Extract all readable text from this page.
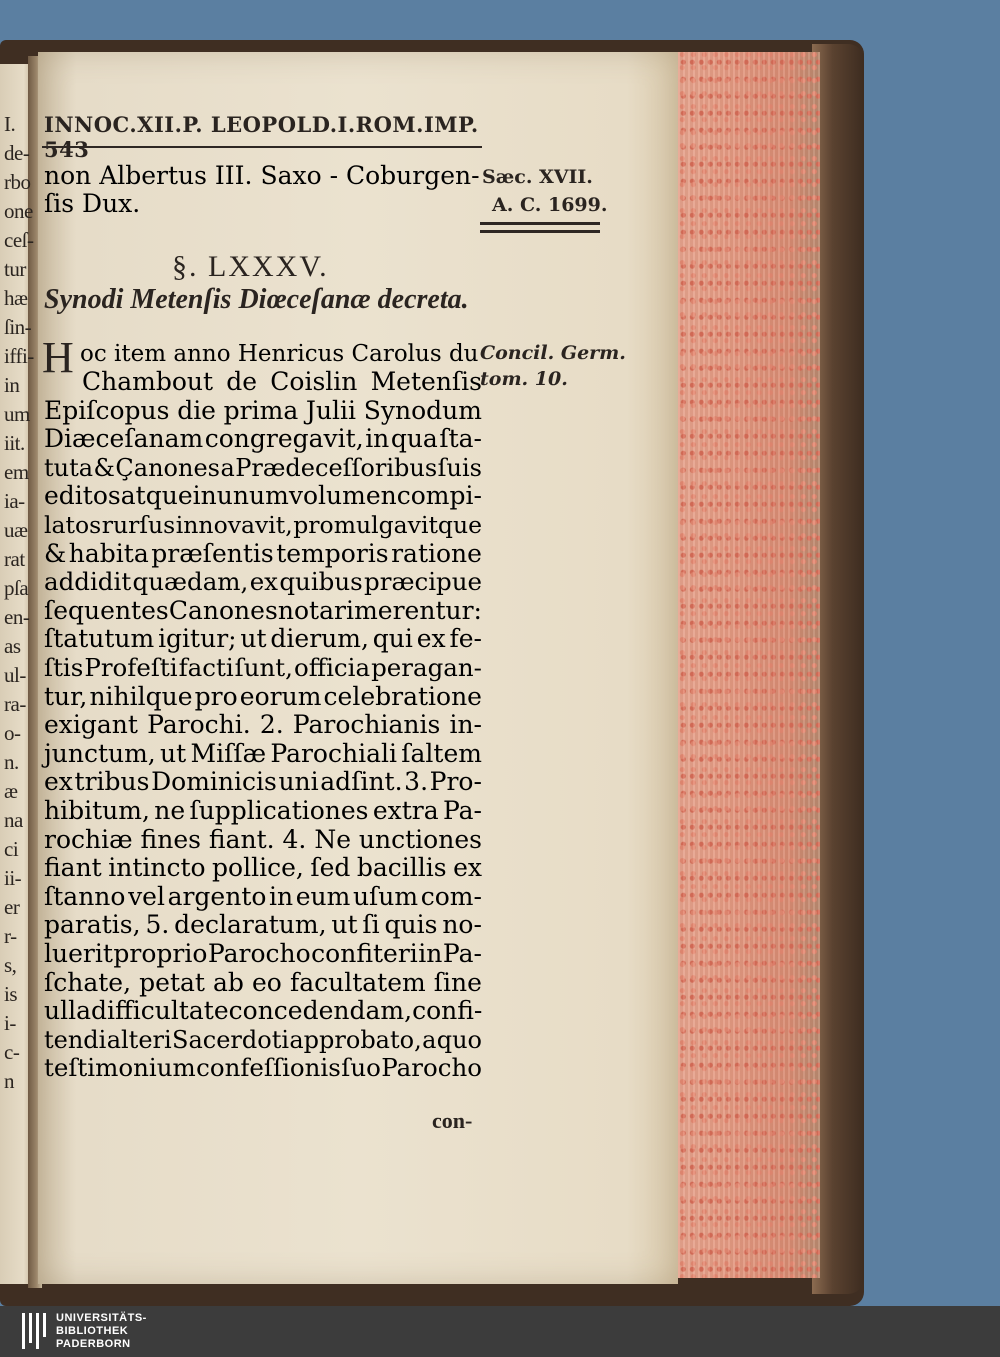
I.
de-
rbo
one
ceſ-
tur
hæ
ſin-
iffi-
in
um
iit.
em
ia-
uæ
rat
pſa
en-
as
ul-
ra-
o-
n.
æ
na
ci
ii-
er
r-
s,
is
i-
c-
n
INNOC.XII.P. LEOPOLD.I.ROM.IMP. 543
non Albertus III. Saxo - Coburgen-
ſis Dux.
Sæc. XVII.
A. C. 1699.
§. LXXXV.
Synodi Metenſis Diœceſanæ decreta.
H oc item anno Henricus Carolus du Concil. Germ.
tom. 10.
Chambout de Coislin Metenſis
Epiſcopus die prima Julii Synodum
Diæceſanam congregavit, in qua ſta-
tuta & Çanones a Prædeceſſoribus ſuis
editos atque in unum volumen compi-
latos rurſus innovavit, promulgavitque
& habita præſentis temporis ratione
addidit quædam, ex quibus præcipue
ſequentes Canones notari merentur:
ſtatutum igitur; ut dierum, qui ex fe-
ſtis Profeſti facti ſunt, officia peragan-
tur, nihilque pro eorum celebratione
exigant Parochi. 2. Parochianis in-
junctum, ut Miſſæ Parochiali ſaltem
ex tribus Dominicis uni adſint. 3. Pro-
hibitum, ne ſupplicationes extra Pa-
rochiæ fines fiant. 4. Ne unctiones
fiant intincto pollice, ſed bacillis ex
ſtanno vel argento in eum uſum com-
paratis, 5. declaratum, ut ſi quis no-
luerit proprio Parocho confiteri in Pa-
ſchate, petat ab eo facultatem ſine
ulla difficultate concedendam, confi-
tendi alteri Sacerdoti approbato, a quo
teſtimonium confeſſionis ſuo Parocho
con-
UNIVERSITÄTS-
BIBLIOTHEK
PADERBORN
